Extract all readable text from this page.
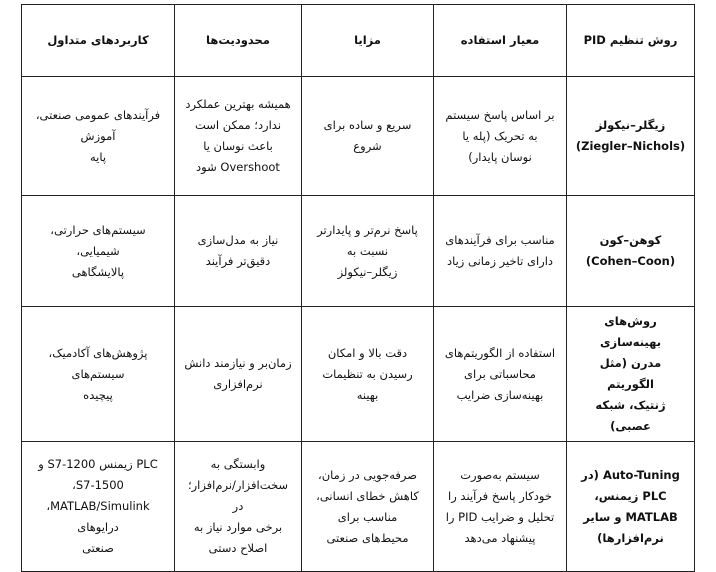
روش تنظیم PID	معیار استفاده	مزایا	محدودیت‌ها	کاربردهای متداول

زیگلر–نیکولز
(Ziegler–Nichols)	بر اساس پاسخ سیستم
به تحریک (پله یا
نوسان پایدار)	سریع و ساده برای
شروع	همیشه بهترین عملکرد
ندارد؛ ممکن است
باعث نوسان یا
Overshoot شود	فرآیندهای عمومی صنعتی، آموزش
پایه

کوهن–کون
(Cohen–Coon)	مناسب برای فرآیندهای
دارای تاخیر زمانی زیاد	پاسخ نرم‌تر و پایدارتر
نسبت به
زیگلر–نیکولز	نیاز به مدل‌سازی
دقیق‌تر فرآیند	سیستم‌های حرارتی، شیمیایی،
پالایشگاهی

روش‌های بهینه‌سازی
مدرن (مثل الگوریتم
ژنتیک، شبکه عصبی)	استفاده از الگوریتم‌های
محاسباتی برای
بهینه‌سازی ضرایب	دقت بالا و امکان
رسیدن به تنظیمات
بهینه	زمان‌بر و نیازمند دانش
نرم‌افزاری	پژوهش‌های آکادمیک، سیستم‌های
پیچیده

Auto-Tuning (در
PLC زیمنس،
MATLAB و سایر
نرم‌افزارها)	سیستم به‌صورت
خودکار پاسخ فرآیند را
تحلیل و ضرایب PID را
پیشنهاد می‌دهد	صرفه‌جویی در زمان،
کاهش خطای انسانی،
مناسب برای
محیط‌های صنعتی	وابستگی به
سخت‌افزار/نرم‌افزار؛ در
برخی موارد نیاز به
اصلاح دستی	PLC زیمنس S7-1200 و S7-1500،
MATLAB/Simulink، درایوهای
صنعتی
